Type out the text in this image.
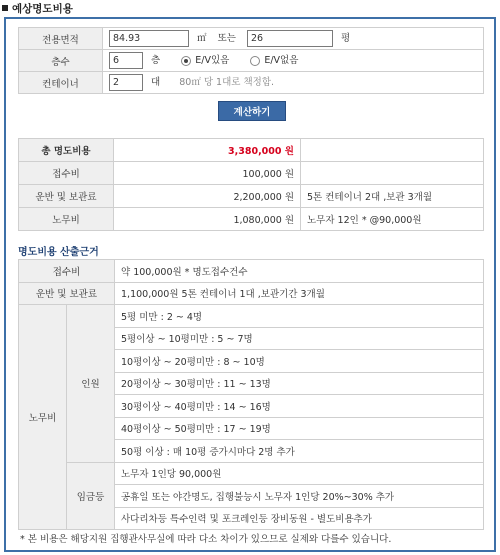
예상명도비용
전용면적	84.93㎡ 또는 26 평
층수	6층 E/V있음 E/V없음
컨테이너	2대 80㎡ 당 1대로 책정함.
계산하기
총 명도비용	3,380,000 원	
접수비	100,000 원	
운반 및 보관료	2,200,000 원	5톤 컨테이너 2대 ,보관 3개월
노무비	1,080,000 원	노무자 12인 * @90,000원
명도비용 산출근거
접수비		약 100,000원 * 명도접수건수
운반 및 보관료		1,100,000원 5톤 컨테이너 1대 ,보관기간 3개월
노무비	인원	5평 미만 : 2 ~ 4명
		5평이상 ~ 10평미만 : 5 ~ 7명
		10평이상 ~ 20평미만 : 8 ~ 10명
		20평이상 ~ 30평미만 : 11 ~ 13명
		30평이상 ~ 40평미만 : 14 ~ 16명
		40평이상 ~ 50평미만 : 17 ~ 19명
		50평 이상 : 매 10평 증가시마다 2명 추가
	임금등	노무자 1인당 90,000원
		공휴일 또는 야간명도, 집행불능시 노무자 1인당 20%~30% 추가
		사다리차등 특수인력 및 포크레인등 장비동원 - 별도비용추가
* 본 비용은 해당지원 집행관사무실에 따라 다소 차이가 있으므로 실제와 다를수 있습니다.
